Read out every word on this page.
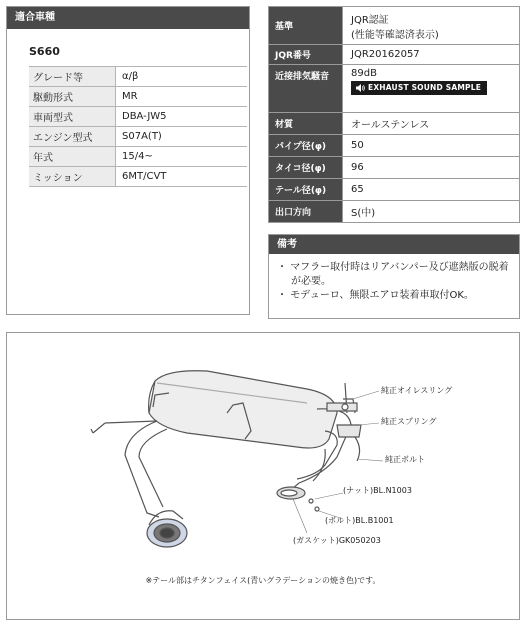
適合車種
S660
グレード等	α/β
駆動形式	MR
車両型式	DBA-JW5
エンジン型式	S07A(T)
年式	15/4~
ミッション	6MT/CVT
基準	JQR認証
(性能等確認済表示)

JQR番号	JQR20162057
近接排気騒音	89dB
EXHAUST SOUND SAMPLE
材質	オールステンレス
パイプ径(φ)	50
タイコ径(φ)	96
テール径(φ)	65
出口方向	S(中)
備考
・ マフラー取付時はリアバンパー及び遮熱版の脱着が必要。
・ モデューロ、無限エアロ装着車取付OK。
純正オイレスリング
純正スプリング
純正ボルト
(ナット)BL.N1003
(ボルト)BL.B1001
(ガスケット)GK050203
※テール部はチタンフェイス(青いグラデーションの焼き色)です。
